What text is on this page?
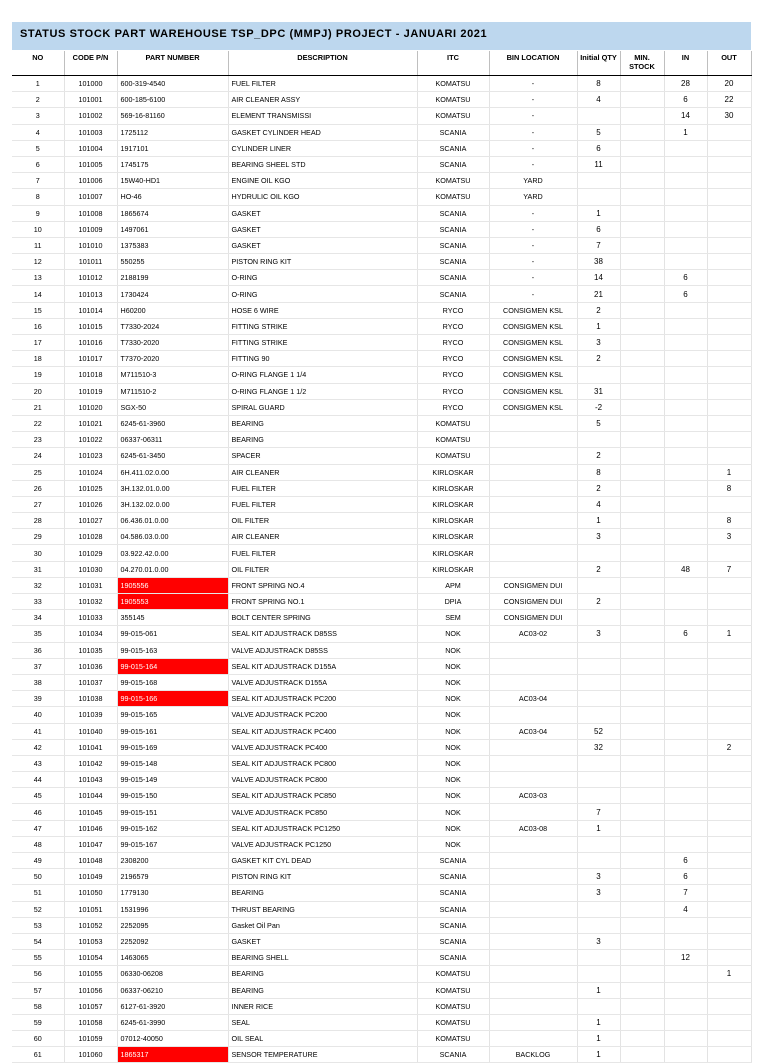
STATUS STOCK PART WAREHOUSE TSP_DPC (MMPJ) PROJECT - JANUARI 2021
NO	CODE P/N	PART NUMBER	DESCRIPTION	ITC	BIN LOCATION	Initial QTY	MIN. STOCK	IN	OUT
1	101000	600-319-4540	FUEL FILTER	KOMATSU	-	8		28	20
2	101001	600-185-6100	AIR CLEANER ASSY	KOMATSU	-	4		6	22
3	101002	569-16-81160	ELEMENT TRANSMISSI	KOMATSU	-			14	30
4	101003	1725112	GASKET CYLINDER HEAD	SCANIA	-	5		1	
5	101004	1917101	CYLINDER LINER	SCANIA	-	6			
6	101005	1745175	BEARING SHEEL STD	SCANIA	-	11			
7	101006	15W40-HD1	ENGINE OIL KGO	KOMATSU	YARD				
8	101007	HO-46	HYDRULIC OIL KGO	KOMATSU	YARD				
9	101008	1865674	GASKET	SCANIA	-	1			
10	101009	1497061	GASKET	SCANIA	-	6			
11	101010	1375383	GASKET	SCANIA	-	7			
12	101011	550255	PISTON RING KIT	SCANIA	-	38			
13	101012	2188199	O-RING	SCANIA	-	14		6	
14	101013	1730424	O-RING	SCANIA	-	21		6	
15	101014	H60200	HOSE 6 WIRE	RYCO	CONSIGMEN KSL	2			
16	101015	T7330-2024	FITTING STRIKE	RYCO	CONSIGMEN KSL	1			
17	101016	T7330-2020	FITTING STRIKE	RYCO	CONSIGMEN KSL	3			
18	101017	T7370-2020	FITTING 90	RYCO	CONSIGMEN KSL	2			
19	101018	M711510-3	O-RING FLANGE 1 1/4	RYCO	CONSIGMEN KSL				
20	101019	M711510-2	O-RING FLANGE 1 1/2	RYCO	CONSIGMEN KSL	31			
21	101020	SGX-50	SPIRAL GUARD	RYCO	CONSIGMEN KSL	-2			
22	101021	6245-61-3960	BEARING	KOMATSU		5			
23	101022	06337-06311	BEARING	KOMATSU					
24	101023	6245-61-3450	SPACER	KOMATSU		2			
25	101024	6H.411.02.0.00	AIR CLEANER	KIRLOSKAR		8			1
26	101025	3H.132.01.0.00	FUEL FILTER	KIRLOSKAR		2			8
27	101026	3H.132.02.0.00	FUEL FILTER	KIRLOSKAR		4			
28	101027	06.436.01.0.00	OIL FILTER	KIRLOSKAR		1			8
29	101028	04.586.03.0.00	AIR CLEANER	KIRLOSKAR		3			3
30	101029	03.922.42.0.00	FUEL FILTER	KIRLOSKAR					
31	101030	04.270.01.0.00	OIL FILTER	KIRLOSKAR		2		48	7
32	101031	1905556	FRONT SPRING NO.4	APM	CONSIGMEN DUI				
33	101032	1905553	FRONT SPRING NO.1	DPIA	CONSIGMEN DUI	2			
34	101033	355145	BOLT CENTER SPRING	SEM	CONSIGMEN DUI				
35	101034	99-015-061	SEAL KIT ADJUSTRACK D85SS	NOK	AC03-02	3		6	1
36	101035	99-015-163	VALVE ADJUSTRACK D85SS	NOK					
37	101036	99-015-164	SEAL KIT ADJUSTRACK D155A	NOK					
38	101037	99-015-168	VALVE ADJUSTRACK D155A	NOK					
39	101038	99-015-166	SEAL KIT ADJUSTRACK PC200	NOK	AC03-04				
40	101039	99-015-165	VALVE ADJUSTRACK PC200	NOK					
41	101040	99-015-161	SEAL KIT ADJUSTRACK PC400	NOK	AC03-04	52			
42	101041	99-015-169	VALVE ADJUSTRACK PC400	NOK		32			2
43	101042	99-015-148	SEAL KIT ADJUSTRACK PC800	NOK					
44	101043	99-015-149	VALVE ADJUSTRACK PC800	NOK					
45	101044	99-015-150	SEAL KIT ADJUSTRACK PC850	NOK	AC03-03				
46	101045	99-015-151	VALVE ADJUSTRACK PC850	NOK		7			
47	101046	99-015-162	SEAL KIT ADJUSTRACK PC1250	NOK	AC03-08	1			
48	101047	99-015-167	VALVE ADJUSTRACK PC1250	NOK					
49	101048	2308200	GASKET KIT CYL DEAD	SCANIA				6	
50	101049	2196579	PISTON RING KIT	SCANIA		3		6	
51	101050	1779130	BEARING	SCANIA		3		7	
52	101051	1531996	THRUST BEARING	SCANIA				4	
53	101052	2252095	Gasket Oil Pan	SCANIA					
54	101053	2252092	GASKET	SCANIA		3			
55	101054	1463065	BEARING SHELL	SCANIA				12	
56	101055	06330-06208	BEARING	KOMATSU					1
57	101056	06337-06210	BEARING	KOMATSU		1			
58	101057	6127-61-3920	INNER RICE	KOMATSU					
59	101058	6245-61-3990	SEAL	KOMATSU		1			
60	101059	07012-40050	OIL SEAL	KOMATSU		1			
61	101060	1865317	SENSOR TEMPERATURE	SCANIA	BACKLOG	1			
